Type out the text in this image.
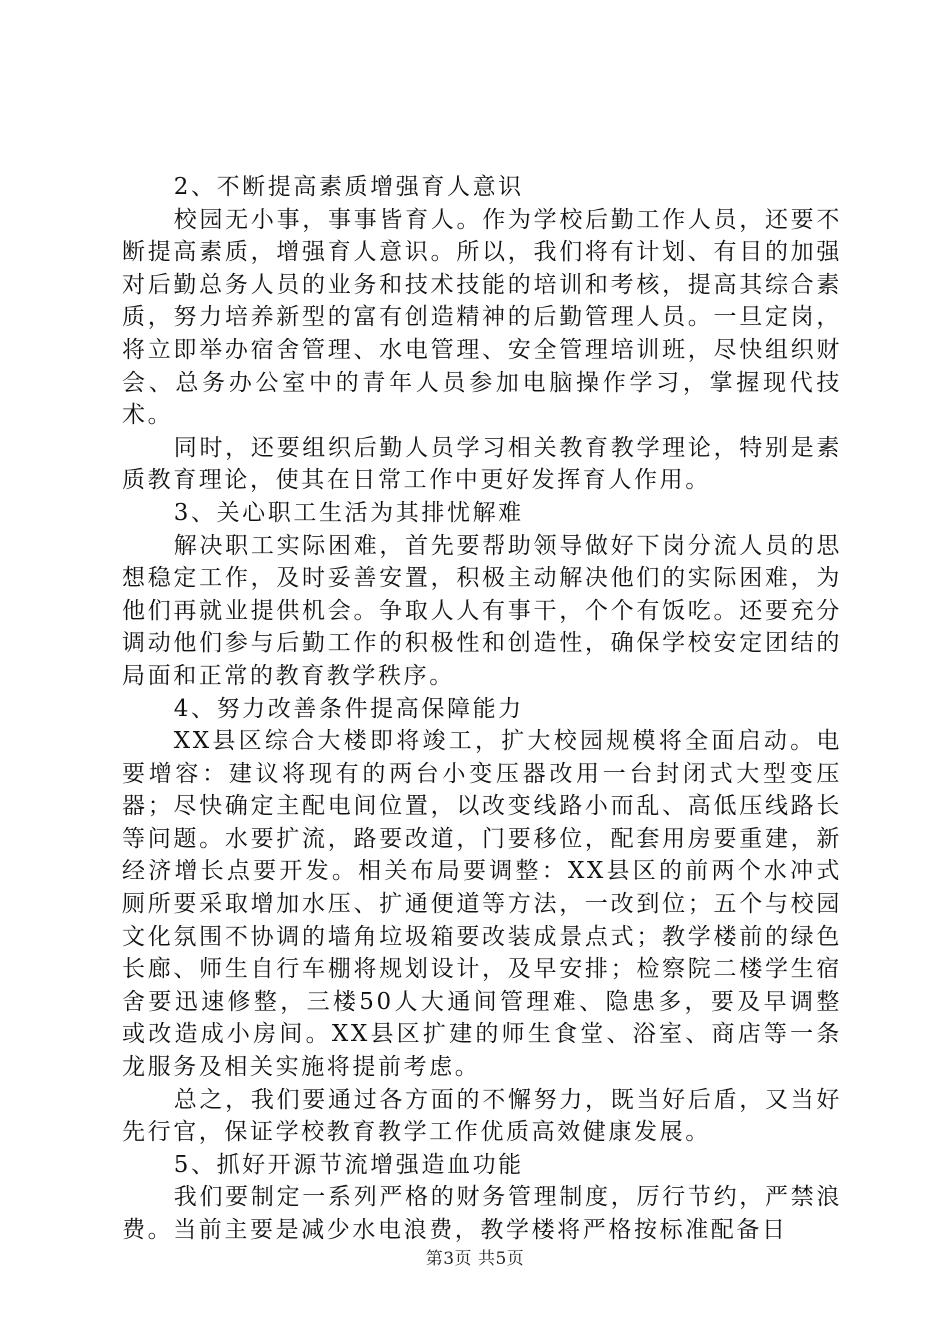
2、不断提高素质增强育人意识

校园无小事，事事皆育人。作为学校后勤工作人员，还要不断提高素质，增强育人意识。所以，我们将有计划、有目的加强对后勤总务人员的业务和技术技能的培训和考核，提高其综合素质，努力培养新型的富有创造精神的后勤管理人员。一旦定岗，将立即举办宿舍管理、水电管理、安全管理培训班，尽快组织财会、总务办公室中的青年人员参加电脑操作学习，掌握现代技术。

同时，还要组织后勤人员学习相关教育教学理论，特别是素质教育理论，使其在日常工作中更好发挥育人作用。

3、关心职工生活为其排忧解难

解决职工实际困难，首先要帮助领导做好下岗分流人员的思想稳定工作，及时妥善安置，积极主动解决他们的实际困难，为他们再就业提供机会。争取人人有事干，个个有饭吃。还要充分调动他们参与后勤工作的积极性和创造性，确保学校安定团结的局面和正常的教育教学秩序。

4、努力改善条件提高保障能力

XX县区综合大楼即将竣工，扩大校园规模将全面启动。电要增容：建议将现有的两台小变压器改用一台封闭式大型变压器；尽快确定主配电间位置，以改变线路小而乱、高低压线路长等问题。水要扩流，路要改道，门要移位，配套用房要重建，新经济增长点要开发。相关布局要调整：XX县区的前两个水冲式厕所要采取增加水压、扩通便道等方法，一改到位；五个与校园文化氛围不协调的墙角垃圾箱要改装成景点式；教学楼前的绿色长廊、师生自行车棚将规划设计，及早安排；检察院二楼学生宿舍要迅速修整，三楼50人大通间管理难、隐患多，要及早调整或改造成小房间。XX县区扩建的师生食堂、浴室、商店等一条龙服务及相关实施将提前考虑。

总之，我们要通过各方面的不懈努力，既当好后盾，又当好先行官，保证学校教育教学工作优质高效健康发展。

5、抓好开源节流增强造血功能

我们要制定一系列严格的财务管理制度，厉行节约，严禁浪费。当前主要是减少水电浪费，教学楼将严格按标准配备日

第3页 共5页
